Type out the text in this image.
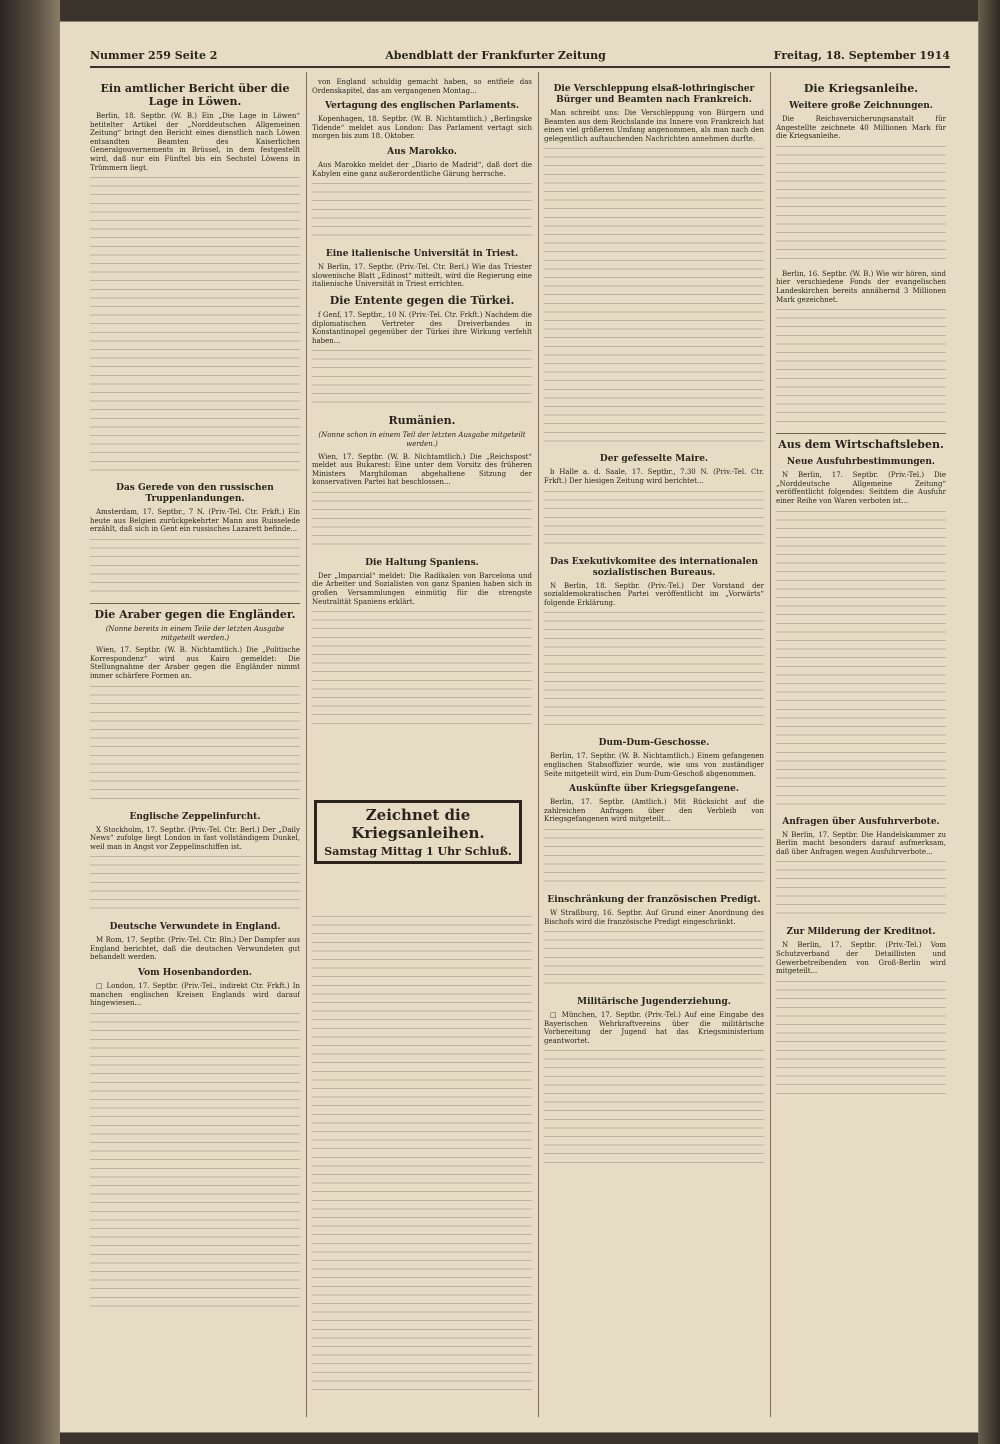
Nummer 259 Seite 2	Abendblatt der Frankfurter Zeitung	Freitag, 18. September 1914
Ein amtlicher Bericht über die Lage in Löwen.

Berlin, 18. Septbr. (W. B.) Ein „Die Lage in Löwen“ betitelter Artikel der „Norddeutschen Allgemeinen Zeitung“ bringt den Bericht eines dienstlich nach Löwen entsandten Beamten des Kaiserlichen Generalgouvernements in Brüssel, in dem festgestellt wird, daß nur ein Fünftel bis ein Sechstel Löwens in Trümmern liegt.

Das Gerede von den russischen Truppenlandungen.

Amsterdam, 17. Septbr., 7 N. (Priv.-Tel. Ctr. Frkft.) Ein heute aus Belgien zurückgekehrter Mann aus Ruisselede erzählt, daß sich in Gent ein russisches Lazarett befinde...

Die Araber gegen die Engländer.
(Nonne bereits in einem Teile der letzten Ausgabe mitgeteilt werden.)

Wien, 17. Septbr. (W. B. Nichtamtlich.) Die „Politische Korrespondenz“ wird aus Kairo gemeldet: Die Stellungnahme der Araber gegen die Engländer nimmt immer schärfere Formen an.

Englische Zeppelinfurcht.

X Stockholm, 17. Septbr. (Priv.-Tel. Ctr. Berl.) Der „Daily News“ zufolge liegt London in fast vollständigem Dunkel, weil man in Angst vor Zeppelinschiffen ist.

Deutsche Verwundete in England.

M Rom, 17. Septbr. (Priv.-Tel. Ctr. Bln.) Der Dampfer aus England berichtet, daß die deutschen Verwundeten gut behandelt werden.

Vom Hosenbandorden.

□ London, 17. Septbr. (Priv.-Tel., indirekt Ctr. Frkft.) In manchen englischen Kreisen Englands wird darauf hingewiesen...

von England schuldig gemacht haben, so entfiele das Ordenskapitel, das am vergangenen Montag...

Vertagung des englischen Parlaments.

Kopenhagen, 18. Septbr. (W. B. Nichtamtlich.) „Berlingske Tidende“ meldet aus London: Das Parlament vertagt sich morgen bis zum 18. Oktober.

Aus Marokko.

Aus Marokko meldet der „Diario de Madrid“, daß dort die Kabylen eine ganz außerordentliche Gärung herrsche.

Eine italienische Universität in Triest.

N Berlin, 17. Septbr. (Priv.-Tel. Ctr. Berl.) Wie das Triester slowenische Blatt „Edinost“ mitteilt, wird die Regierung eine italienische Universität in Triest errichten.

Die Entente gegen die Türkei.

f Genf, 17. Septbr., 10 N. (Priv.-Tel. Ctr. Frkft.) Nachdem die diplomatischen Vertreter des Dreiverbandes in Konstantinopel gegenüber der Türkei ihre Wirkung verfehlt haben...

Rumänien.
(Nonne schon in einem Teil der letzten Ausgabe mitgeteilt werden.)

Wien, 17. Septbr. (W. B. Nichtamtlich.) Die „Reichspost“ meldet aus Bukarest: Eine unter dem Vorsitz des früheren Ministers Marghiloman abgehaltene Sitzung der konservativen Partei hat beschlossen...

Die Haltung Spaniens.

Der „Imparcial“ meldet: Die Radikalen von Barcelona und die Arbeiter und Sozialisten von ganz Spanien haben sich in großen Versammlungen einmütig für die strengste Neutralität Spaniens erklärt.

Die Verschleppung elsaß-lothringischer Bürger und Beamten nach Frankreich.

Man schreibt uns: Die Verschleppung von Bürgern und Beamten aus dem Reichslande ins Innere von Frankreich hat einen viel größeren Umfang angenommen, als man nach den gelegentlich auftauchenden Nachrichten annehmen durfte.

Der gefesselte Maire.

b Halle a. d. Saale, 17. Septbr., 7.30 N. (Priv.-Tel. Ctr. Frkft.) Der hiesigen Zeitung wird berichtet...

Das Exekutivkomitee des internationalen sozialistischen Bureaus.

N Berlin, 18. Septbr. (Priv.-Tel.) Der Vorstand der sozialdemokratischen Partei veröffentlicht im „Vorwärts“ folgende Erklärung.

Dum-Dum-Geschosse.

Berlin, 17. Septbr. (W. B. Nichtamtlich.) Einem gefangenen englischen Stabsoffizier wurde, wie uns von zuständiger Seite mitgeteilt wird, ein Dum-Dum-Geschoß abgenommen.

Auskünfte über Kriegsgefangene.

Berlin, 17. Septbr. (Amtlich.) Mit Rücksicht auf die zahlreichen Anfragen über den Verbleib von Kriegsgefangenen wird mitgeteilt...

Einschränkung der französischen Predigt.

W Straßburg, 16. Septbr. Auf Grund einer Anordnung des Bischofs wird die französische Predigt eingeschränkt.

Militärische Jugenderziehung.

□ München, 17. Septbr. (Priv.-Tel.) Auf eine Eingabe des Bayerischen Wehrkraftvereins über die militärische Vorbereitung der Jugend hat das Kriegsministerium geantwortet.

Die Kriegsanleihe.
Weitere große Zeichnungen.

Die Reichsversicherungsanstalt für Angestellte zeichnete 40 Millionen Mark für die Kriegsanleihe.

Berlin, 16. Septbr. (W. B.) Wie wir hören, sind hier verschiedene Fonds der evangelischen Landeskirchen bereits annähernd 3 Millionen Mark gezeichnet.

Aus dem Wirtschaftsleben.
Neue Ausfuhrbestimmungen.

N Berlin, 17. Septbr. (Priv.-Tel.) Die „Norddeutsche Allgemeine Zeitung“ veröffentlicht folgendes: Seitdem die Ausfuhr einer Reihe von Waren verboten ist...

Anfragen über Ausfuhrverbote.

N Berlin, 17. Septbr. Die Handelskammer zu Berlin macht besonders darauf aufmerksam, daß über Anfragen wegen Ausfuhrverbote...

Zur Milderung der Kreditnot.

N Berlin, 17. Septbr. (Priv.-Tel.) Vom Schutzverband der Detaillisten und Gewerbetreibenden von Groß-Berlin wird mitgeteilt...

Zeichnet die Kriegsanleihen.
Samstag Mittag 1 Uhr Schluß.
